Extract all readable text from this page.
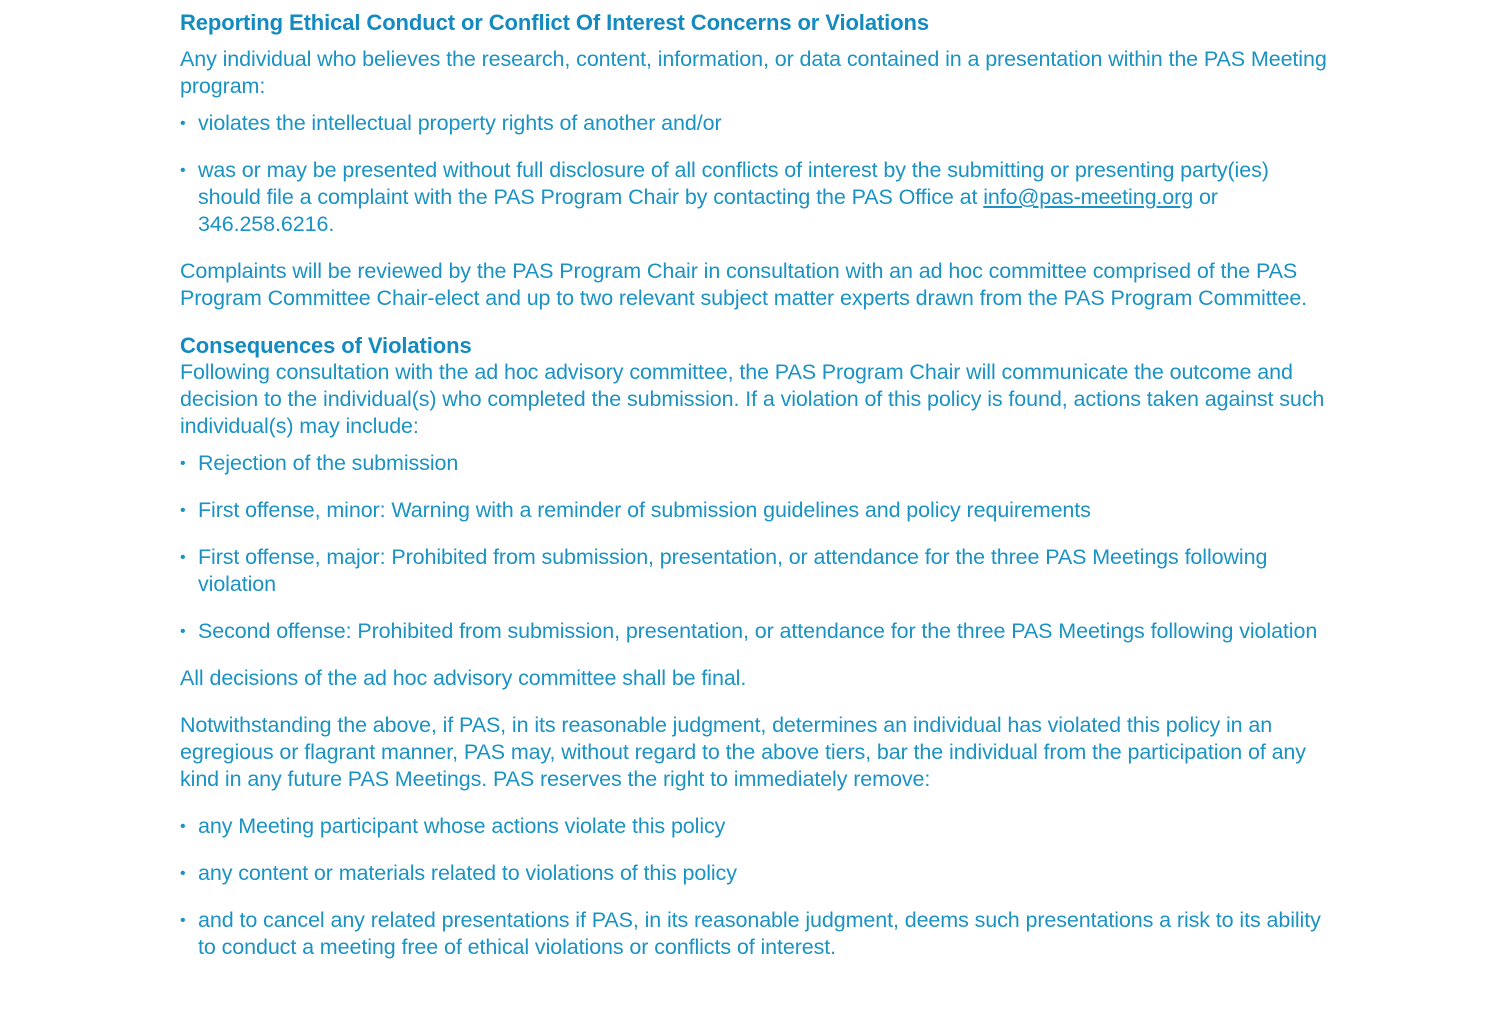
Reporting Ethical Conduct or Conflict Of Interest Concerns or Violations

Any individual who believes the research, content, information, or data contained in a presentation within the PAS Meeting program:

• violates the intellectual property rights of another and/or
• was or may be presented without full disclosure of all conflicts of interest by the submitting or presenting party(ies) should file a complaint with the PAS Program Chair by contacting the PAS Office at info@pas-meeting.org or 346.258.6216.

Complaints will be reviewed by the PAS Program Chair in consultation with an ad hoc committee comprised of the PAS Program Committee Chair-elect and up to two relevant subject matter experts drawn from the PAS Program Committee.

Consequences of Violations

Following consultation with the ad hoc advisory committee, the PAS Program Chair will communicate the outcome and decision to the individual(s) who completed the submission. If a violation of this policy is found, actions taken against such individual(s) may include:

• Rejection of the submission
• First offense, minor: Warning with a reminder of submission guidelines and policy requirements
• First offense, major: Prohibited from submission, presentation, or attendance for the three PAS Meetings following violation
• Second offense: Prohibited from submission, presentation, or attendance for the three PAS Meetings following violation

All decisions of the ad hoc advisory committee shall be final.

Notwithstanding the above, if PAS, in its reasonable judgment, determines an individual has violated this policy in an egregious or flagrant manner, PAS may, without regard to the above tiers, bar the individual from the participation of any kind in any future PAS Meetings. PAS reserves the right to immediately remove:

• any Meeting participant whose actions violate this policy
• any content or materials related to violations of this policy
• and to cancel any related presentations if PAS, in its reasonable judgment, deems such presentations a risk to its ability to conduct a meeting free of ethical violations or conflicts of interest.
